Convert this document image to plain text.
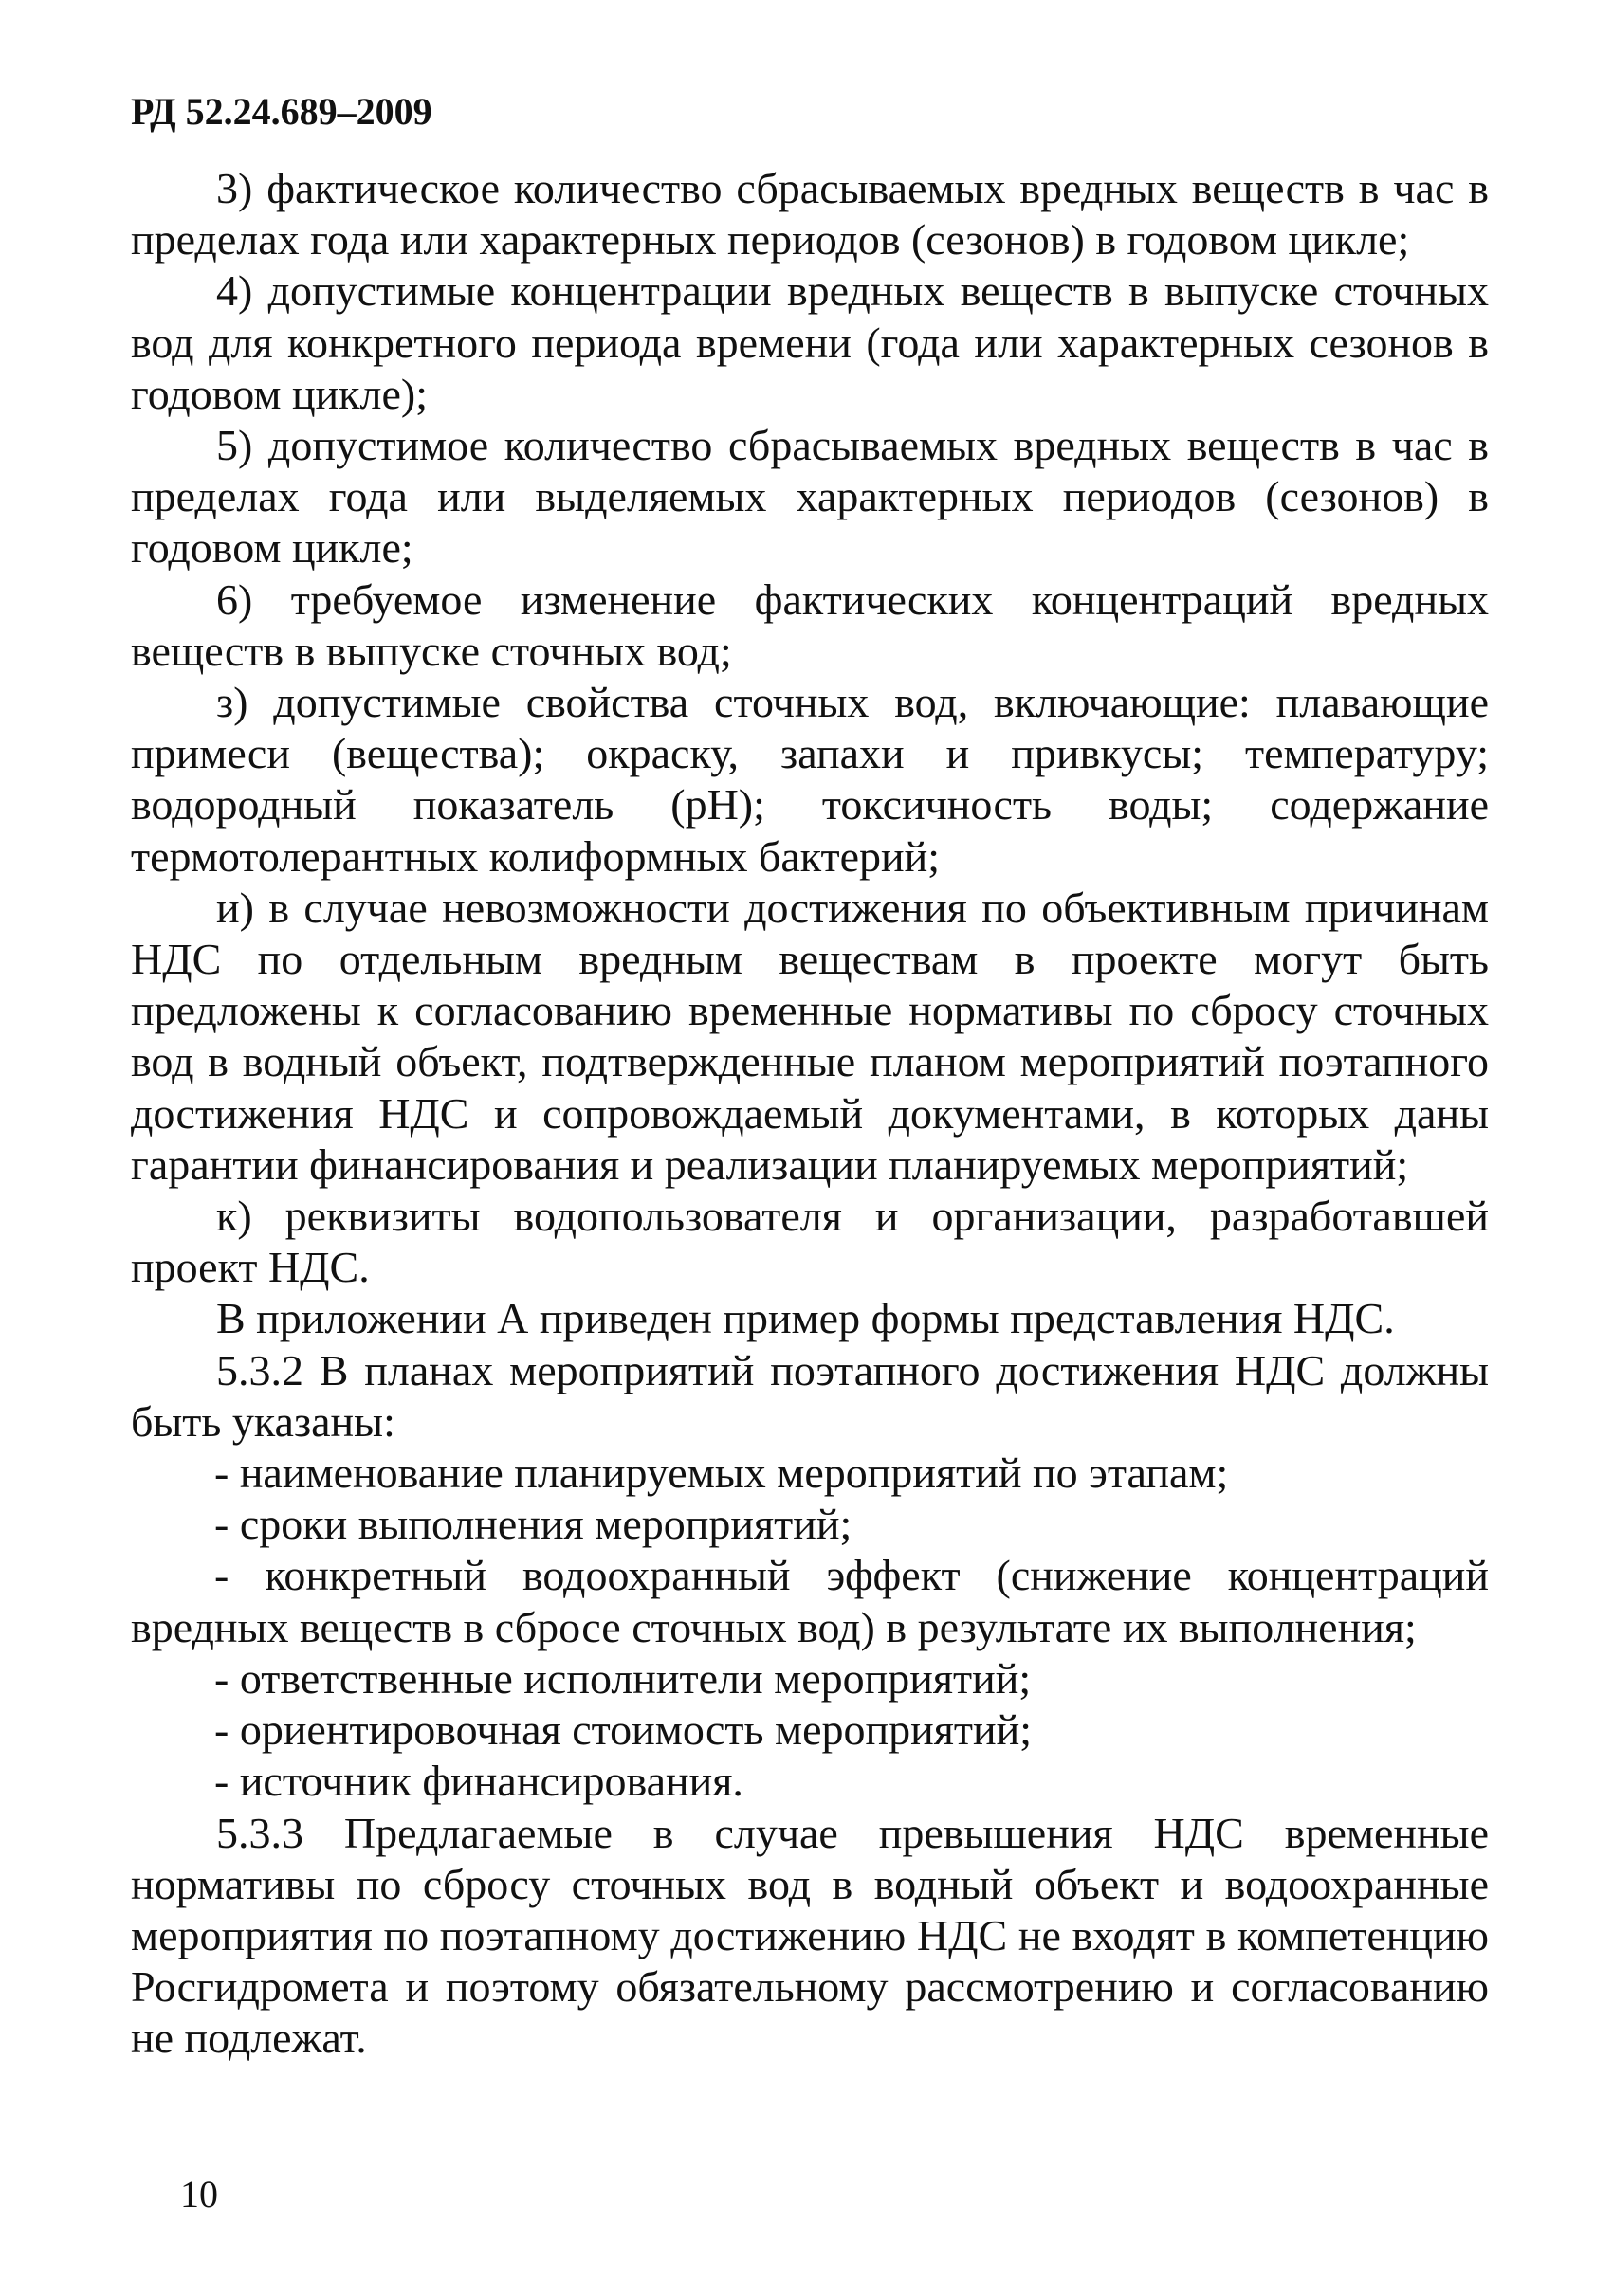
РД 52.24.689–2009

3) фактическое количество сбрасываемых вредных веществ в час в пределах года или характерных периодов (сезонов) в годовом цикле;

4) допустимые концентрации вредных веществ в выпуске сточных вод для конкретного периода времени (года или характерных сезонов в годовом цикле);

5) допустимое количество сбрасываемых вредных веществ в час в пределах года или выделяемых характерных периодов (сезонов) в годовом цикле;

6) требуемое изменение фактических концентраций вредных веществ в выпуске сточных вод;

з) допустимые свойства сточных вод, включающие: плавающие примеси (вещества); окраску, запахи и привкусы; температуру; водородный показатель (pH); токсичность воды; содержание термотолерантных колиформных бактерий;

и) в случае невозможности достижения по объективным причинам НДС по отдельным вредным веществам в проекте могут быть предложены к согласованию временные нормативы по сбросу сточных вод в водный объект, подтвержденные планом мероприятий поэтапного достижения НДС и сопровождаемый документами, в которых даны гарантии финансирования и реализации планируемых мероприятий;

к) реквизиты водопользователя и организации, разработавшей проект НДС.

В приложении А приведен пример формы представления НДС.

5.3.2 В планах мероприятий поэтапного достижения НДС должны быть указаны:

- наименование планируемых мероприятий по этапам;

- сроки выполнения мероприятий;

- конкретный водоохранный эффект (снижение концентраций вредных веществ в сбросе сточных вод) в результате их выполнения;

- ответственные исполнители мероприятий;

- ориентировочная стоимость мероприятий;

- источник финансирования.

5.3.3 Предлагаемые в случае превышения НДС временные нормативы по сбросу сточных вод в водный объект и водоохранные мероприятия по поэтапному достижению НДС не входят в компетенцию Росгидромета и поэтому обязательному рассмотрению и согласованию не подлежат.

10
